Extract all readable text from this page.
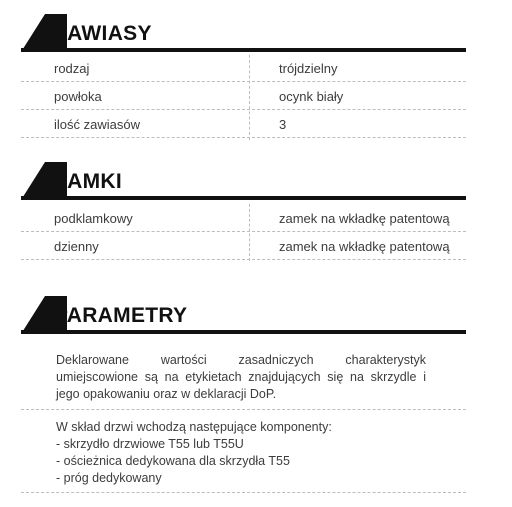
ZAWIASY
rodzaj	trójdzielny
powłoka	ocynk biały
ilość zawiasów	3
ZAMKI
podklamkowy	zamek na wkładkę patentową
dzienny	zamek na wkładkę patentową
PARAMETRY

Deklarowane wartości zasadniczych charakterystyk umiejscowione są na etykietach znajdujących się na skrzydle i jego opakowaniu oraz w deklaracji DoP.

W skład drzwi wchodzą następujące komponenty:
- skrzydło drzwiowe T55 lub T55U
- ościeżnica dedykowana dla skrzydła T55
- próg dedykowany
